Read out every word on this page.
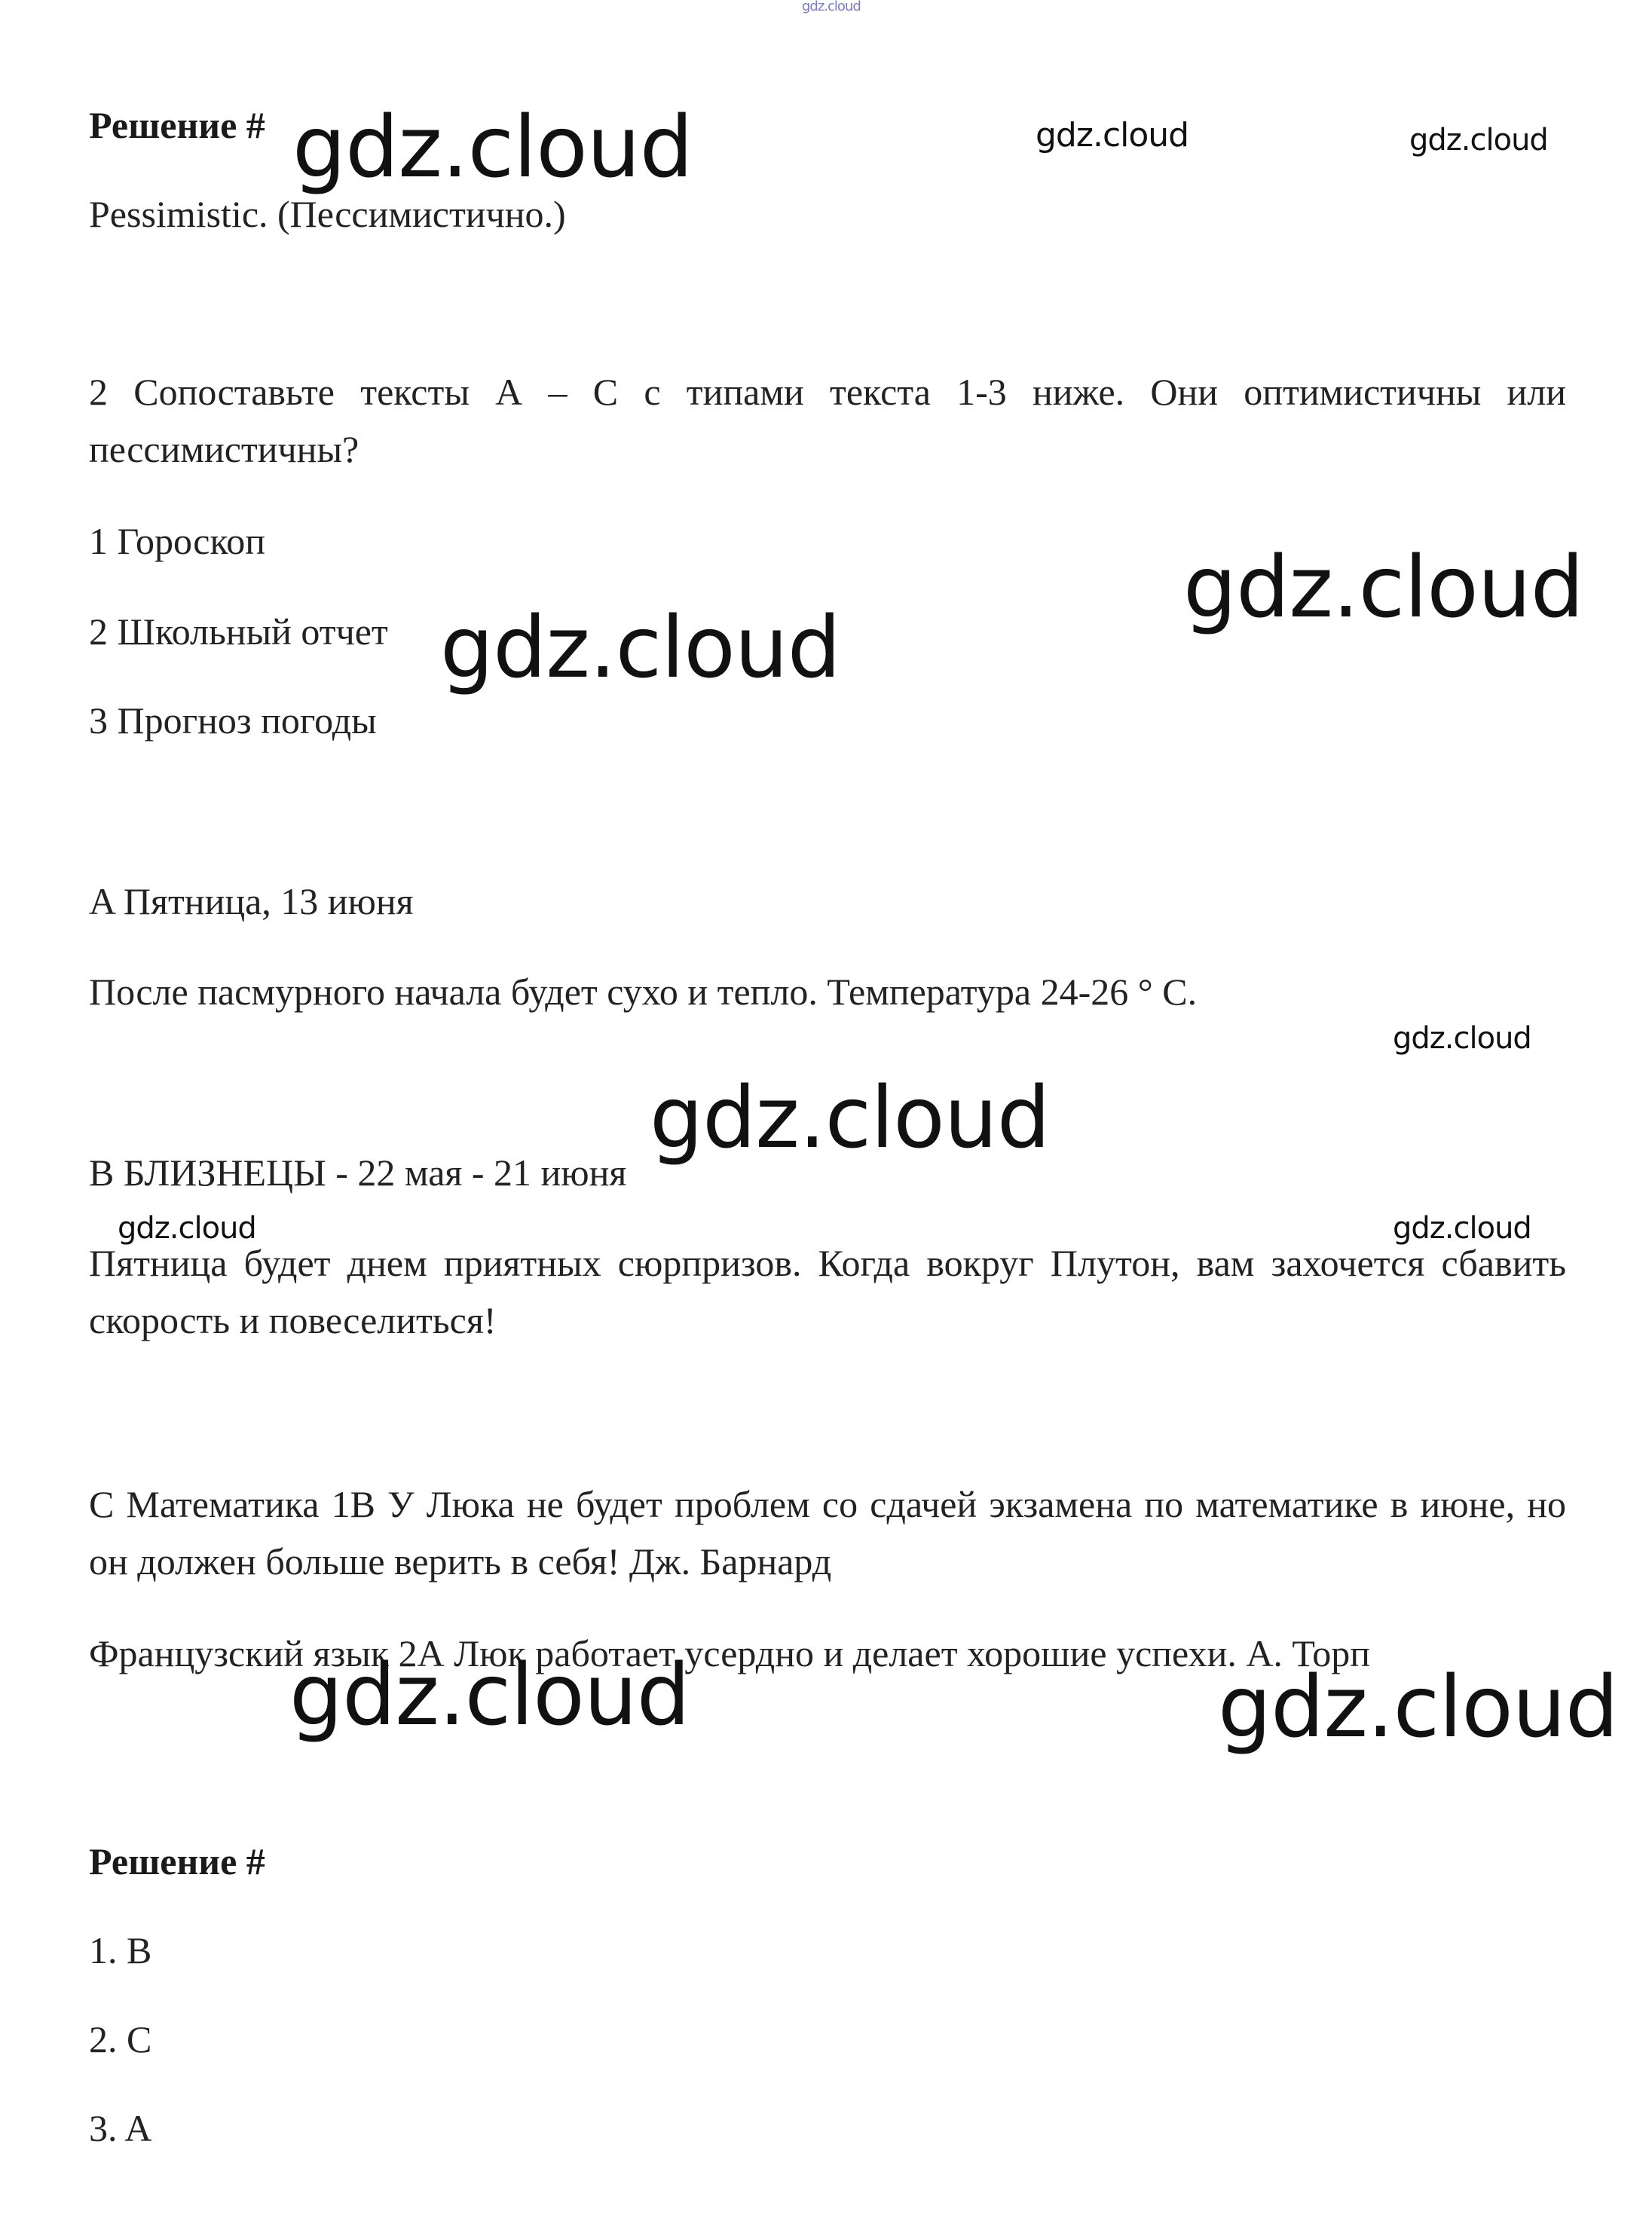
gdz.cloud

Решение #

Pessimistic. (Пессимистично.)

2 Сопоставьте тексты А – С с типами текста 1-3 ниже. Они оптимистичны или пессимистичны?

1 Гороскоп

2 Школьный отчет

3 Прогноз погоды

A Пятница, 13 июня

После пасмурного начала будет сухо и тепло. Температура 24-26 ° C.

B БЛИЗНЕЦЫ - 22 мая - 21 июня

Пятница будет днем приятных сюрпризов. Когда вокруг Плутон, вам захочется сбавить скорость и повеселиться!

C Математика 1В У Люка не будет проблем со сдачей экзамена по математике в июне, но он должен больше верить в себя! Дж. Барнард

Французский язык 2А Люк работает усердно и делает хорошие успехи. А. Торп

Решение #

1. B

2. C

3. A

gdz.cloud	gdz.cloud	gdz.cloud
gdz.cloud
gdz.cloud
gdz.cloud
gdz.cloud
gdz.cloud	gdz.cloud
gdz.cloud	gdz.cloud
